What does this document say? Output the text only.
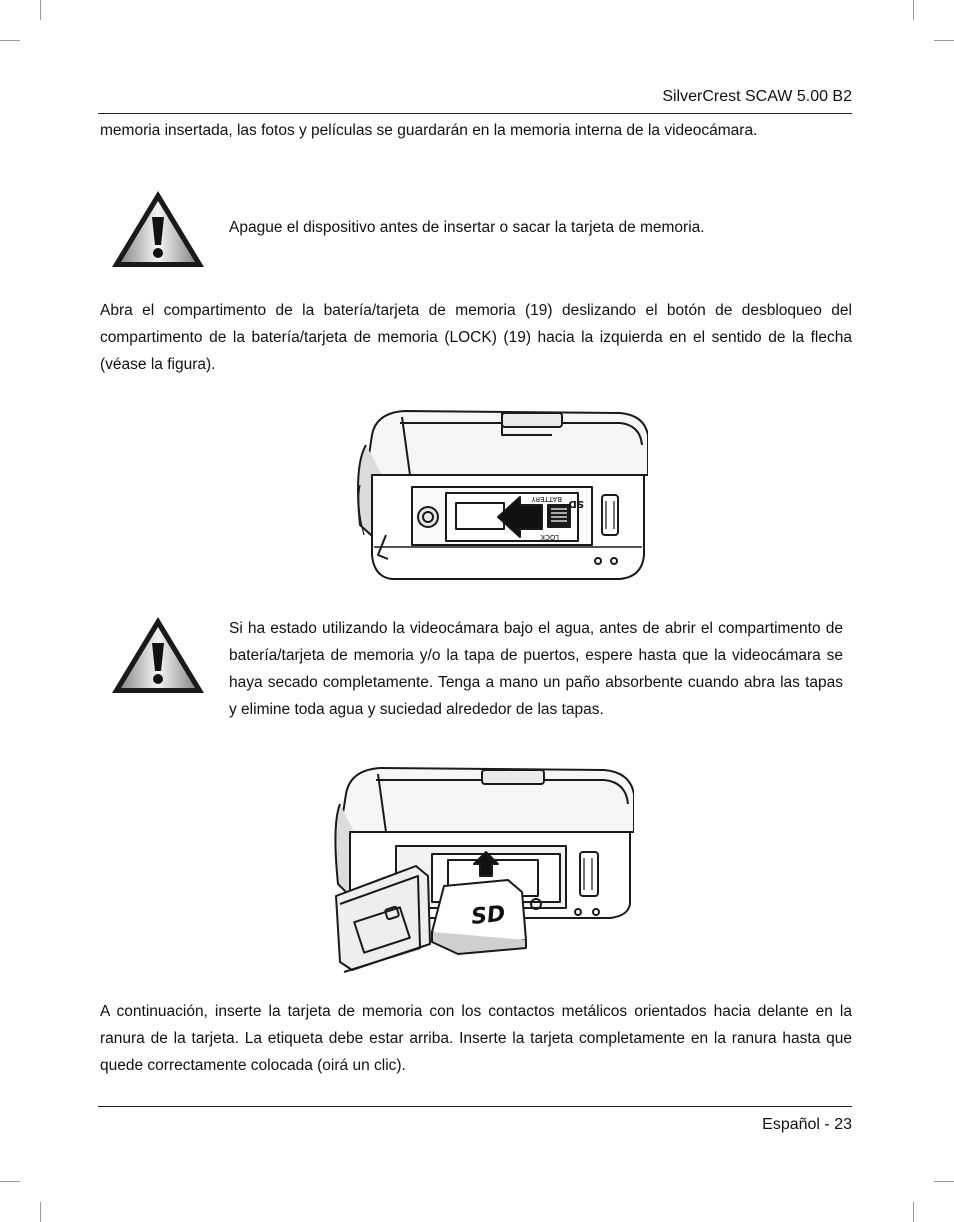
SilverCrest SCAW 5.00 B2
memoria insertada, las fotos y películas se guardarán en la memoria interna de la videocámara.
Apague el dispositivo antes de insertar o sacar la tarjeta de memoria.
Abra el compartimento de la batería/tarjeta de memoria (19) deslizando el botón de desbloqueo del compartimento de la batería/tarjeta de memoria (LOCK) (19) hacia la izquierda en el sentido de la flecha (véase la figura).
BATTERY SD
LOCK
Si ha estado utilizando la videocámara bajo el agua, antes de abrir el compartimento de batería/tarjeta de memoria y/o la tapa de puertos, espere hasta que la videocámara se haya secado completamente. Tenga a mano un paño absorbente cuando abra las tapas y elimine toda agua y suciedad alrededor de las tapas.
SD
A continuación, inserte la tarjeta de memoria con los contactos metálicos orientados hacia delante en la ranura de la tarjeta. La etiqueta debe estar arriba. Inserte la tarjeta completamente en la ranura hasta que quede correctamente colocada (oirá un clic).
Español - 23
